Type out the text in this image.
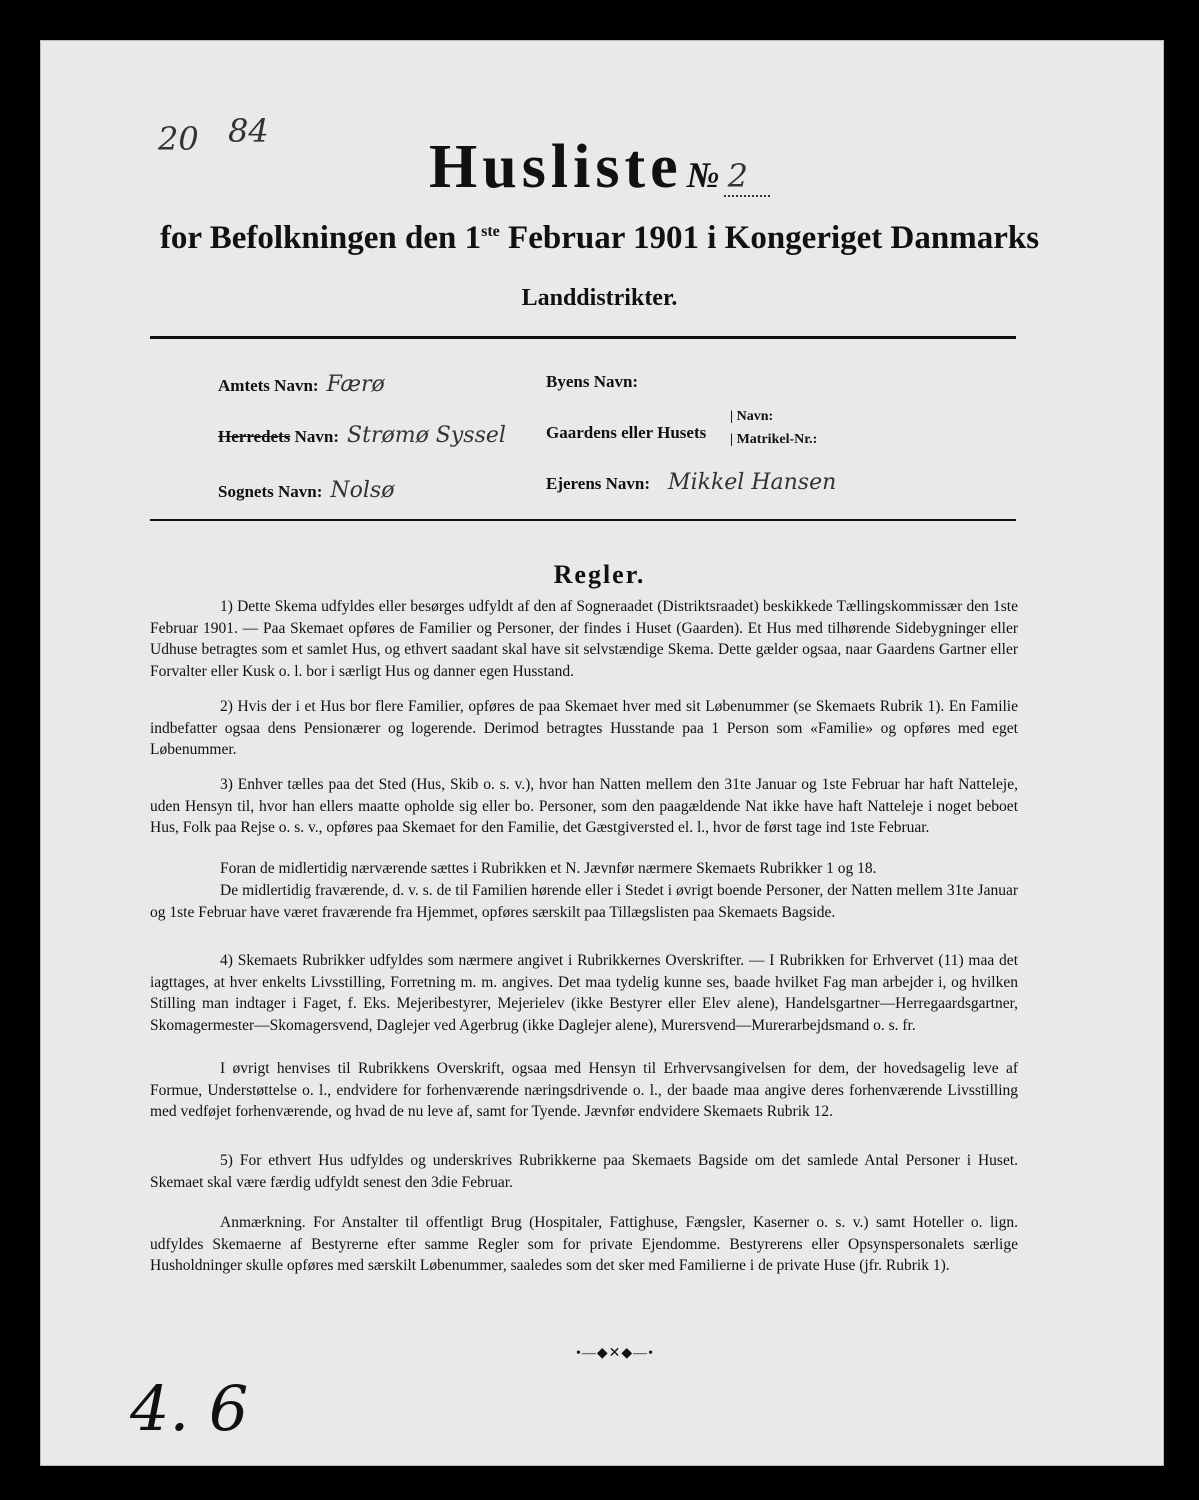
20 84
Husliste № 2
for Befolkningen den 1ste Februar 1901 i Kongeriget Danmarks
Landdistrikter.
Amtets Navn: Færø
Herredets Navn: Strømø Syssel
Sognets Navn: Nolsø
Byens Navn:
Gaardens eller Husets
| Navn:
| Matrikel-Nr.:
Ejerens Navn: Mikkel Hansen
Regler.
1) Dette Skema udfyldes eller besørges udfyldt af den af Sogneraadet (Distriktsraadet) beskikkede Tællingskommissær den 1ste Februar 1901. — Paa Skemaet opføres de Familier og Personer, der findes i Huset (Gaarden). Et Hus med tilhørende Sidebygninger eller Udhuse betragtes som et samlet Hus, og ethvert saadant skal have sit selvstændige Skema. Dette gælder ogsaa, naar Gaardens Gartner eller Forvalter eller Kusk o. l. bor i særligt Hus og danner egen Husstand.
2) Hvis der i et Hus bor flere Familier, opføres de paa Skemaet hver med sit Løbenummer (se Skemaets Rubrik 1). En Familie indbefatter ogsaa dens Pensionærer og logerende. Derimod betragtes Husstande paa 1 Person som «Familie» og opføres med eget Løbenummer.
3) Enhver tælles paa det Sted (Hus, Skib o. s. v.), hvor han Natten mellem den 31te Januar og 1ste Februar har haft Natteleje, uden Hensyn til, hvor han ellers maatte opholde sig eller bo. Personer, som den paagældende Nat ikke have haft Natteleje i noget beboet Hus, Folk paa Rejse o. s. v., opføres paa Skemaet for den Familie, det Gæstgiversted el. l., hvor de først tage ind 1ste Februar.
Foran de midlertidig nærværende sættes i Rubrikken et N. Jævnfør nærmere Skemaets Rubrikker 1 og 18.
De midlertidig fraværende, d. v. s. de til Familien hørende eller i Stedet i øvrigt boende Personer, der Natten mellem 31te Januar og 1ste Februar have været fraværende fra Hjemmet, opføres særskilt paa Tillægslisten paa Skemaets Bagside.
4) Skemaets Rubrikker udfyldes som nærmere angivet i Rubrikkernes Overskrifter. — I Rubrikken for Erhvervet (11) maa det iagttages, at hver enkelts Livsstilling, Forretning m. m. angives. Det maa tydelig kunne ses, baade hvilket Fag man arbejder i, og hvilken Stilling man indtager i Faget, f. Eks. Mejeribestyrer, Mejerielev (ikke Bestyrer eller Elev alene), Handelsgartner—Herregaardsgartner, Skomagermester—Skomagersvend, Daglejer ved Agerbrug (ikke Daglejer alene), Murersvend—Murerarbejdsmand o. s. fr.
I øvrigt henvises til Rubrikkens Overskrift, ogsaa med Hensyn til Erhvervsangivelsen for dem, der hovedsagelig leve af Formue, Understøttelse o. l., endvidere for forhenværende næringsdrivende o. l., der baade maa angive deres forhenværende Livsstilling med vedføjet forhenværende, og hvad de nu leve af, samt for Tyende. Jævnfør endvidere Skemaets Rubrik 12.
5) For ethvert Hus udfyldes og underskrives Rubrikkerne paa Skemaets Bagside om det samlede Antal Personer i Huset. Skemaet skal være færdig udfyldt senest den 3die Februar.
Anmærkning. For Anstalter til offentligt Brug (Hospitaler, Fattighuse, Fængsler, Kaserner o. s. v.) samt Hoteller o. lign. udfyldes Skemaerne af Bestyrerne efter samme Regler som for private Ejendomme. Bestyrerens eller Opsynspersonalets særlige Husholdninger skulle opføres med særskilt Løbenummer, saaledes som det sker med Familierne i de private Huse (jfr. Rubrik 1).
•—◆✕◆—•
4. 6
